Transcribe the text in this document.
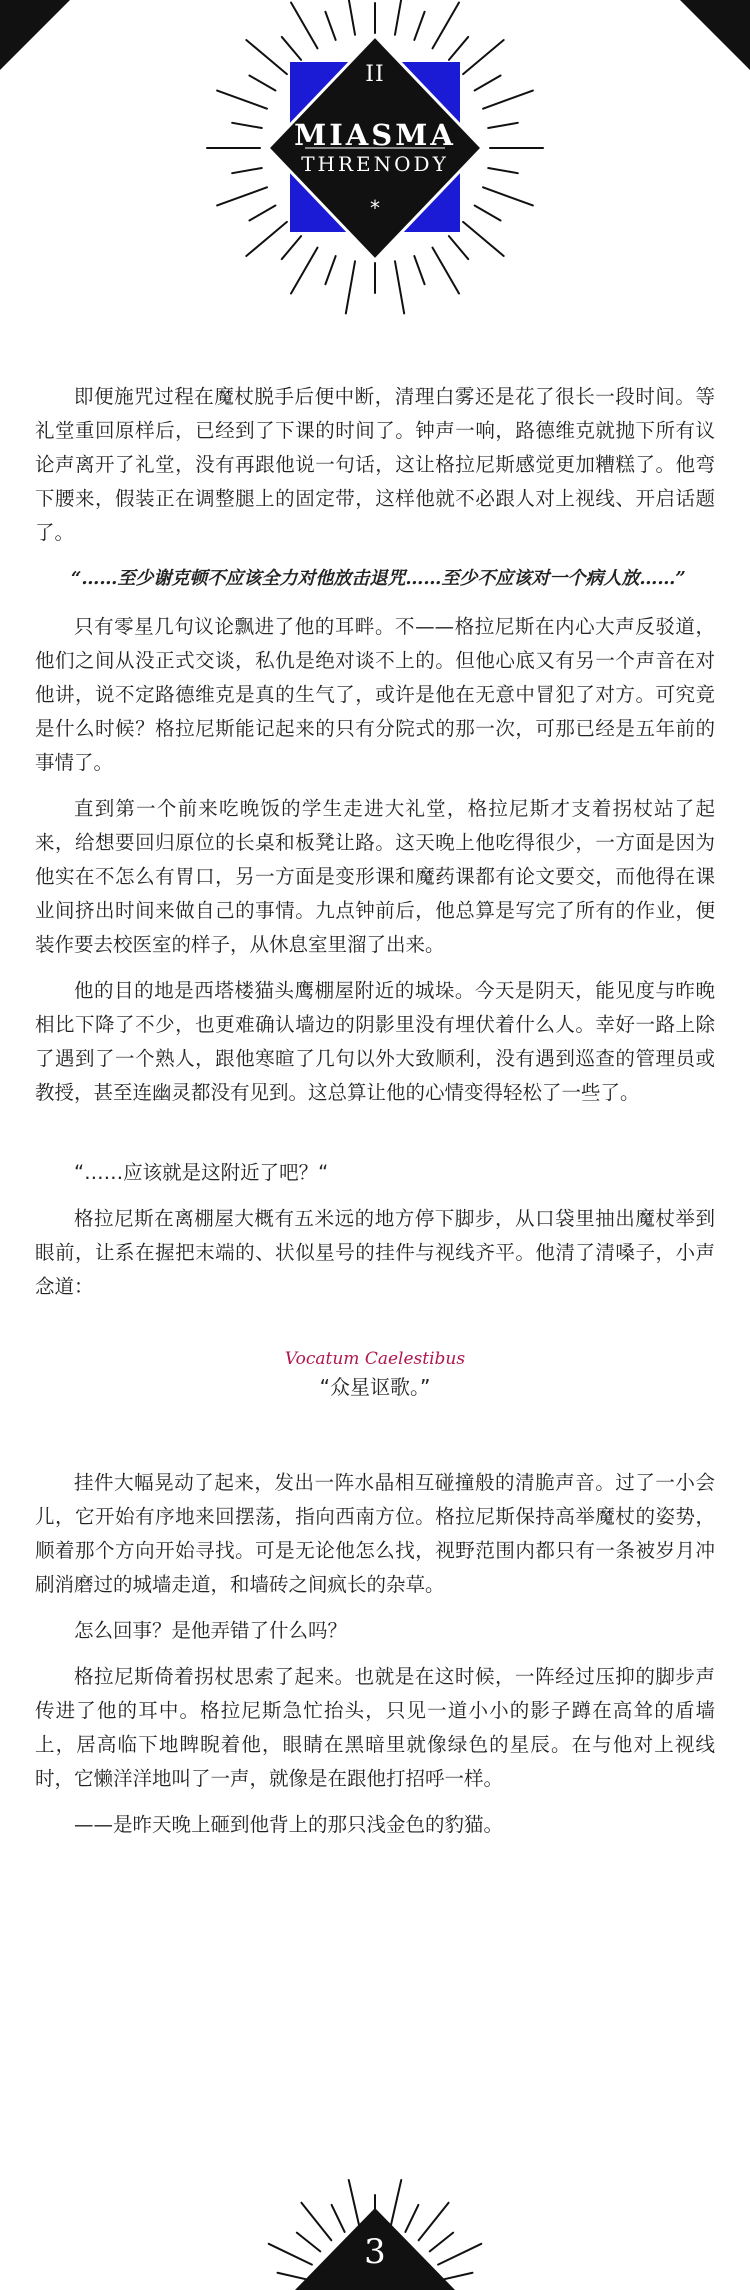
II
MIASMA
THRENODY
*

即便施咒过程在魔杖脱手后便中断，清理白雾还是花了很长一段时间。等礼堂重回原样后，已经到了下课的时间了。钟声一响，路德维克就抛下所有议论声离开了礼堂，没有再跟他说一句话，这让格拉尼斯感觉更加糟糕了。他弯下腰来，假装正在调整腿上的固定带，这样他就不必跟人对上视线、开启话题了。

“……至少谢克顿不应该全力对他放击退咒……至少不应该对一个病人放……”

只有零星几句议论飘进了他的耳畔。不——格拉尼斯在内心大声反驳道，他们之间从没正式交谈，私仇是绝对谈不上的。但他心底又有另一个声音在对他讲，说不定路德维克是真的生气了，或许是他在无意中冒犯了对方。可究竟是什么时候？格拉尼斯能记起来的只有分院式的那一次，可那已经是五年前的事情了。

直到第一个前来吃晚饭的学生走进大礼堂，格拉尼斯才支着拐杖站了起来，给想要回归原位的长桌和板凳让路。这天晚上他吃得很少，一方面是因为他实在不怎么有胃口，另一方面是变形课和魔药课都有论文要交，而他得在课业间挤出时间来做自己的事情。九点钟前后，他总算是写完了所有的作业，便装作要去校医室的样子，从休息室里溜了出来。

他的目的地是西塔楼猫头鹰棚屋附近的城垛。今天是阴天，能见度与昨晚相比下降了不少，也更难确认墙边的阴影里没有埋伏着什么人。幸好一路上除了遇到了一个熟人，跟他寒暄了几句以外大致顺利，没有遇到巡查的管理员或教授，甚至连幽灵都没有见到。这总算让他的心情变得轻松了一些了。

“……应该就是这附近了吧？“

格拉尼斯在离棚屋大概有五米远的地方停下脚步，从口袋里抽出魔杖举到眼前，让系在握把末端的、状似星号的挂件与视线齐平。他清了清嗓子，小声念道：

Vocatum Caelestibus
“众星讴歌。”

挂件大幅晃动了起来，发出一阵水晶相互碰撞般的清脆声音。过了一小会儿，它开始有序地来回摆荡，指向西南方位。格拉尼斯保持高举魔杖的姿势，顺着那个方向开始寻找。可是无论他怎么找，视野范围内都只有一条被岁月冲刷消磨过的城墙走道，和墙砖之间疯长的杂草。

怎么回事？是他弄错了什么吗？

格拉尼斯倚着拐杖思索了起来。也就是在这时候，一阵经过压抑的脚步声传进了他的耳中。格拉尼斯急忙抬头，只见一道小小的影子蹲在高耸的盾墙上，居高临下地睥睨着他，眼睛在黑暗里就像绿色的星辰。在与他对上视线时，它懒洋洋地叫了一声，就像是在跟他打招呼一样。

——是昨天晚上砸到他背上的那只浅金色的豹猫。

3
